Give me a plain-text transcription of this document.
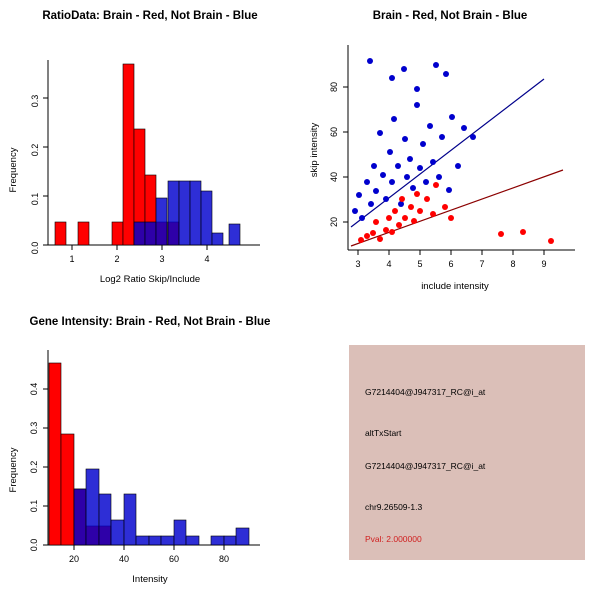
RatioData: Brain - Red, Not Brain - Blue
0.0
0.1
0.2
0.3
Frequency
1	2	3	4
Log2 Ratio Skip/Include
Brain - Red, Not Brain - Blue
20
40
60
80
skip intensity
3	4	5	6	7	8	9
include intensity
Gene Intensity: Brain - Red, Not Brain - Blue
0.0
0.1
0.2
0.3
0.4
Frequency
20	40	60	80
Intensity
G7214404@J947317_RC@i_at
altTxStart
G7214404@J947317_RC@i_at
chr9.26509-1.3
Pval: 2.000000
